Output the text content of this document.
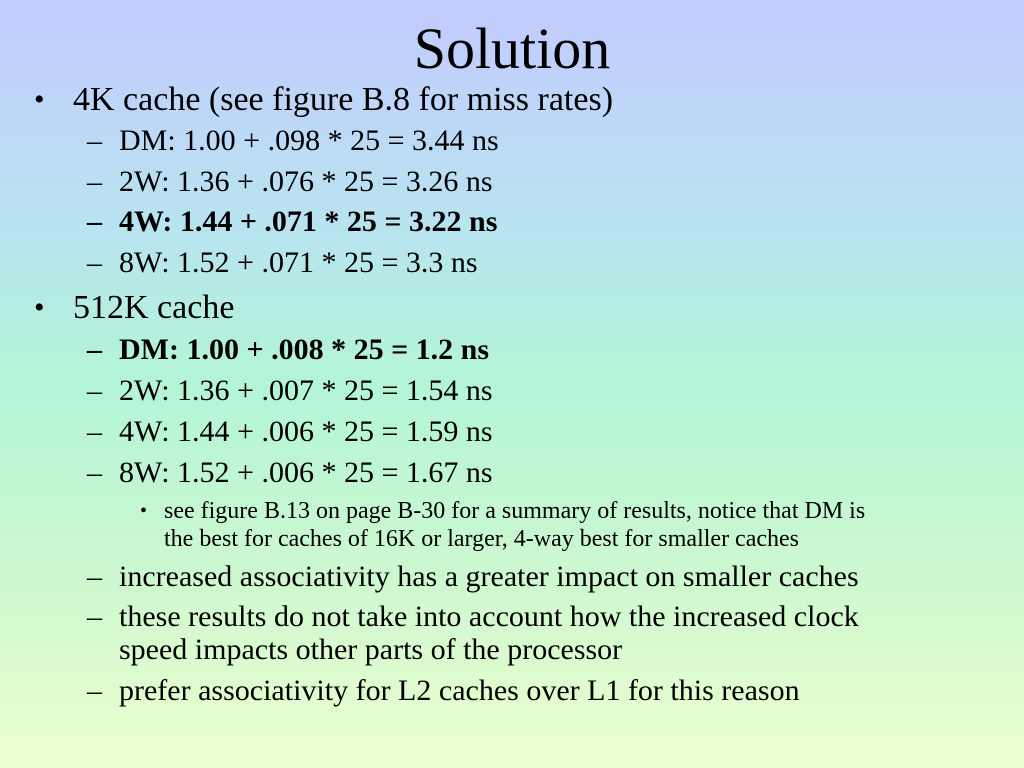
Solution
• 4K cache (see figure B.8 for miss rates)
– DM: 1.00 + .098 * 25 = 3.44 ns
– 2W: 1.36 + .076 * 25 = 3.26 ns
– 4W: 1.44 + .071 * 25 = 3.22 ns
– 8W: 1.52 + .071 * 25 = 3.3 ns
• 512K cache
– DM: 1.00 + .008 * 25 = 1.2 ns
– 2W: 1.36 + .007 * 25 = 1.54 ns
– 4W: 1.44 + .006 * 25 = 1.59 ns
– 8W: 1.52 + .006 * 25 = 1.67 ns
• see figure B.13 on page B-30 for a summary of results, notice that DM is
the best for caches of 16K or larger, 4-way best for smaller caches
– increased associativity has a greater impact on smaller caches
– these results do not take into account how the increased clock
speed impacts other parts of the processor
– prefer associativity for L2 caches over L1 for this reason
